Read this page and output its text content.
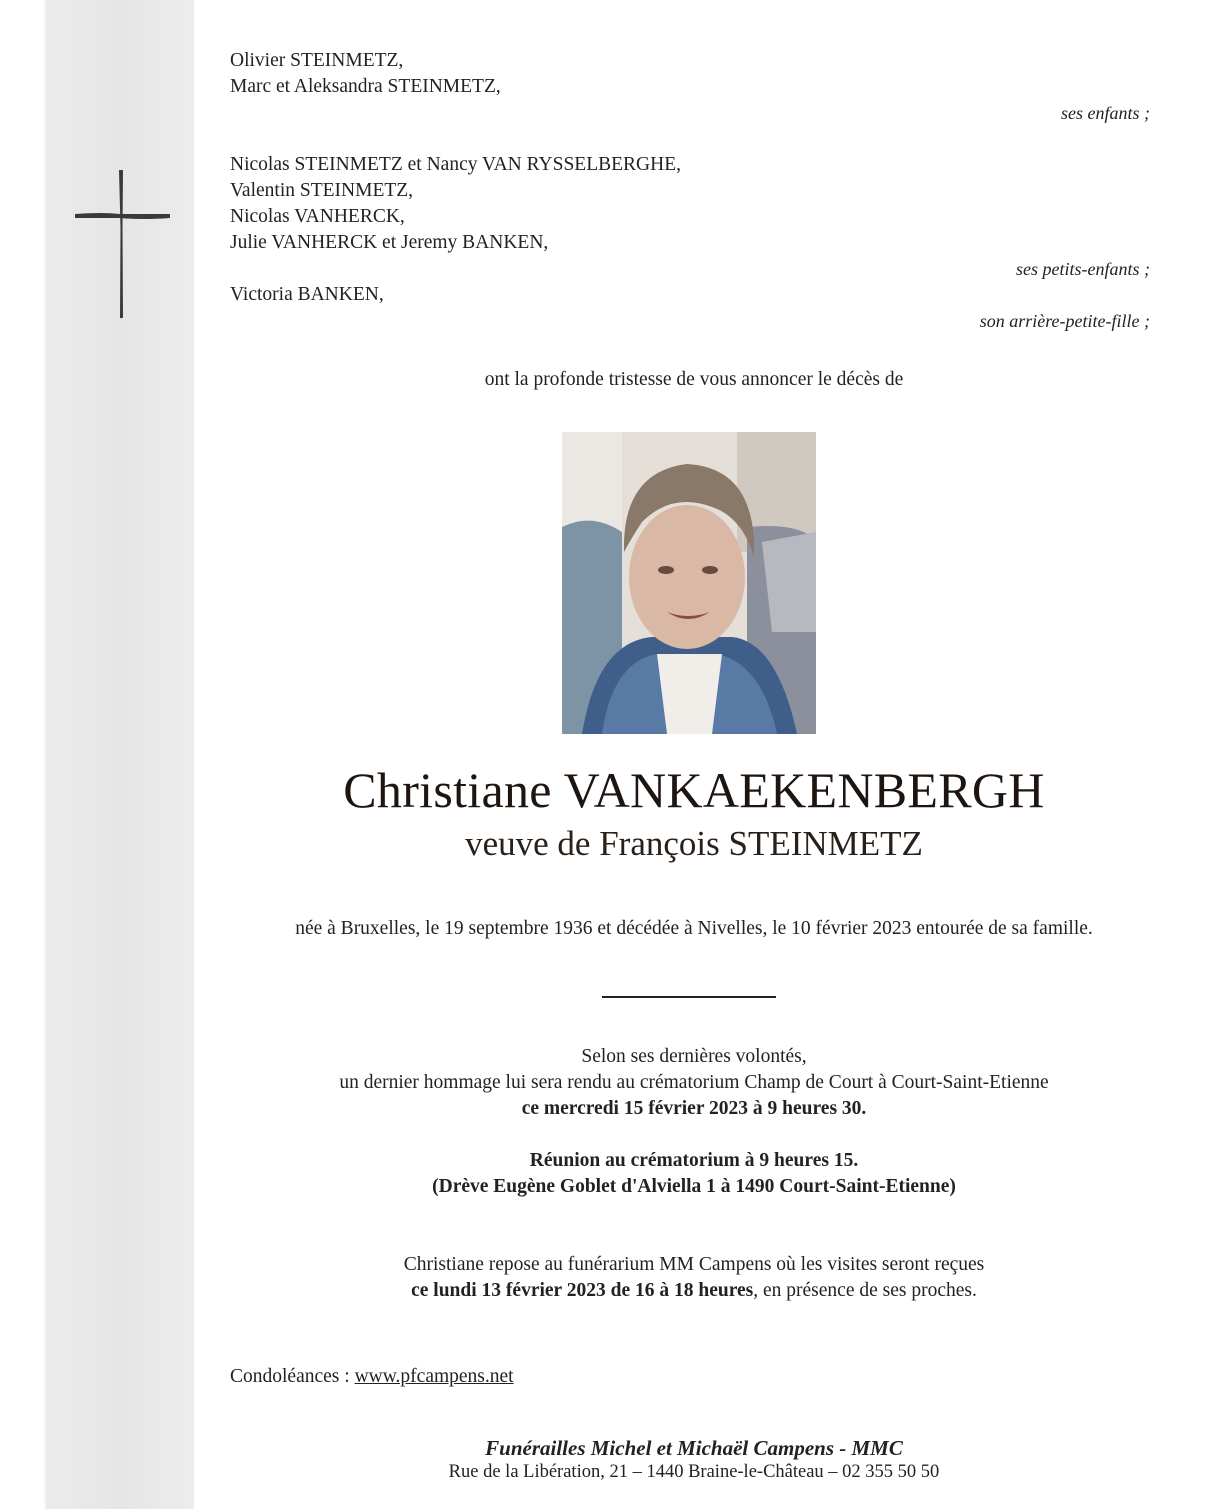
Olivier STEINMETZ,
Marc et Aleksandra STEINMETZ,
ses enfants ;
Nicolas STEINMETZ et Nancy VAN RYSSELBERGHE,
Valentin STEINMETZ,
Nicolas VANHERCK,
Julie VANHERCK et Jeremy BANKEN,
ses petits-enfants ;
Victoria BANKEN,
son arrière-petite-fille ;
ont la profonde tristesse de vous annoncer le décès de
Christiane VANKAEKENBERGH
veuve de François STEINMETZ
née à Bruxelles, le 19 septembre 1936 et décédée à Nivelles, le 10 février 2023 entourée de sa famille.
Selon ses dernières volontés,
un dernier hommage lui sera rendu au crématorium Champ de Court à Court-Saint-Etienne
ce mercredi 15 février 2023 à 9 heures 30.
Réunion au crématorium à 9 heures 15.
(Drève Eugène Goblet d'Alviella 1 à 1490 Court-Saint-Etienne)
Christiane repose au funérarium MM Campens où les visites seront reçues
ce lundi 13 février 2023 de 16 à 18 heures, en présence de ses proches.
Condoléances : www.pfcampens.net
Funérailles Michel et Michaël Campens - MMC
Rue de la Libération, 21 – 1440 Braine-le-Château – 02 355 50 50
